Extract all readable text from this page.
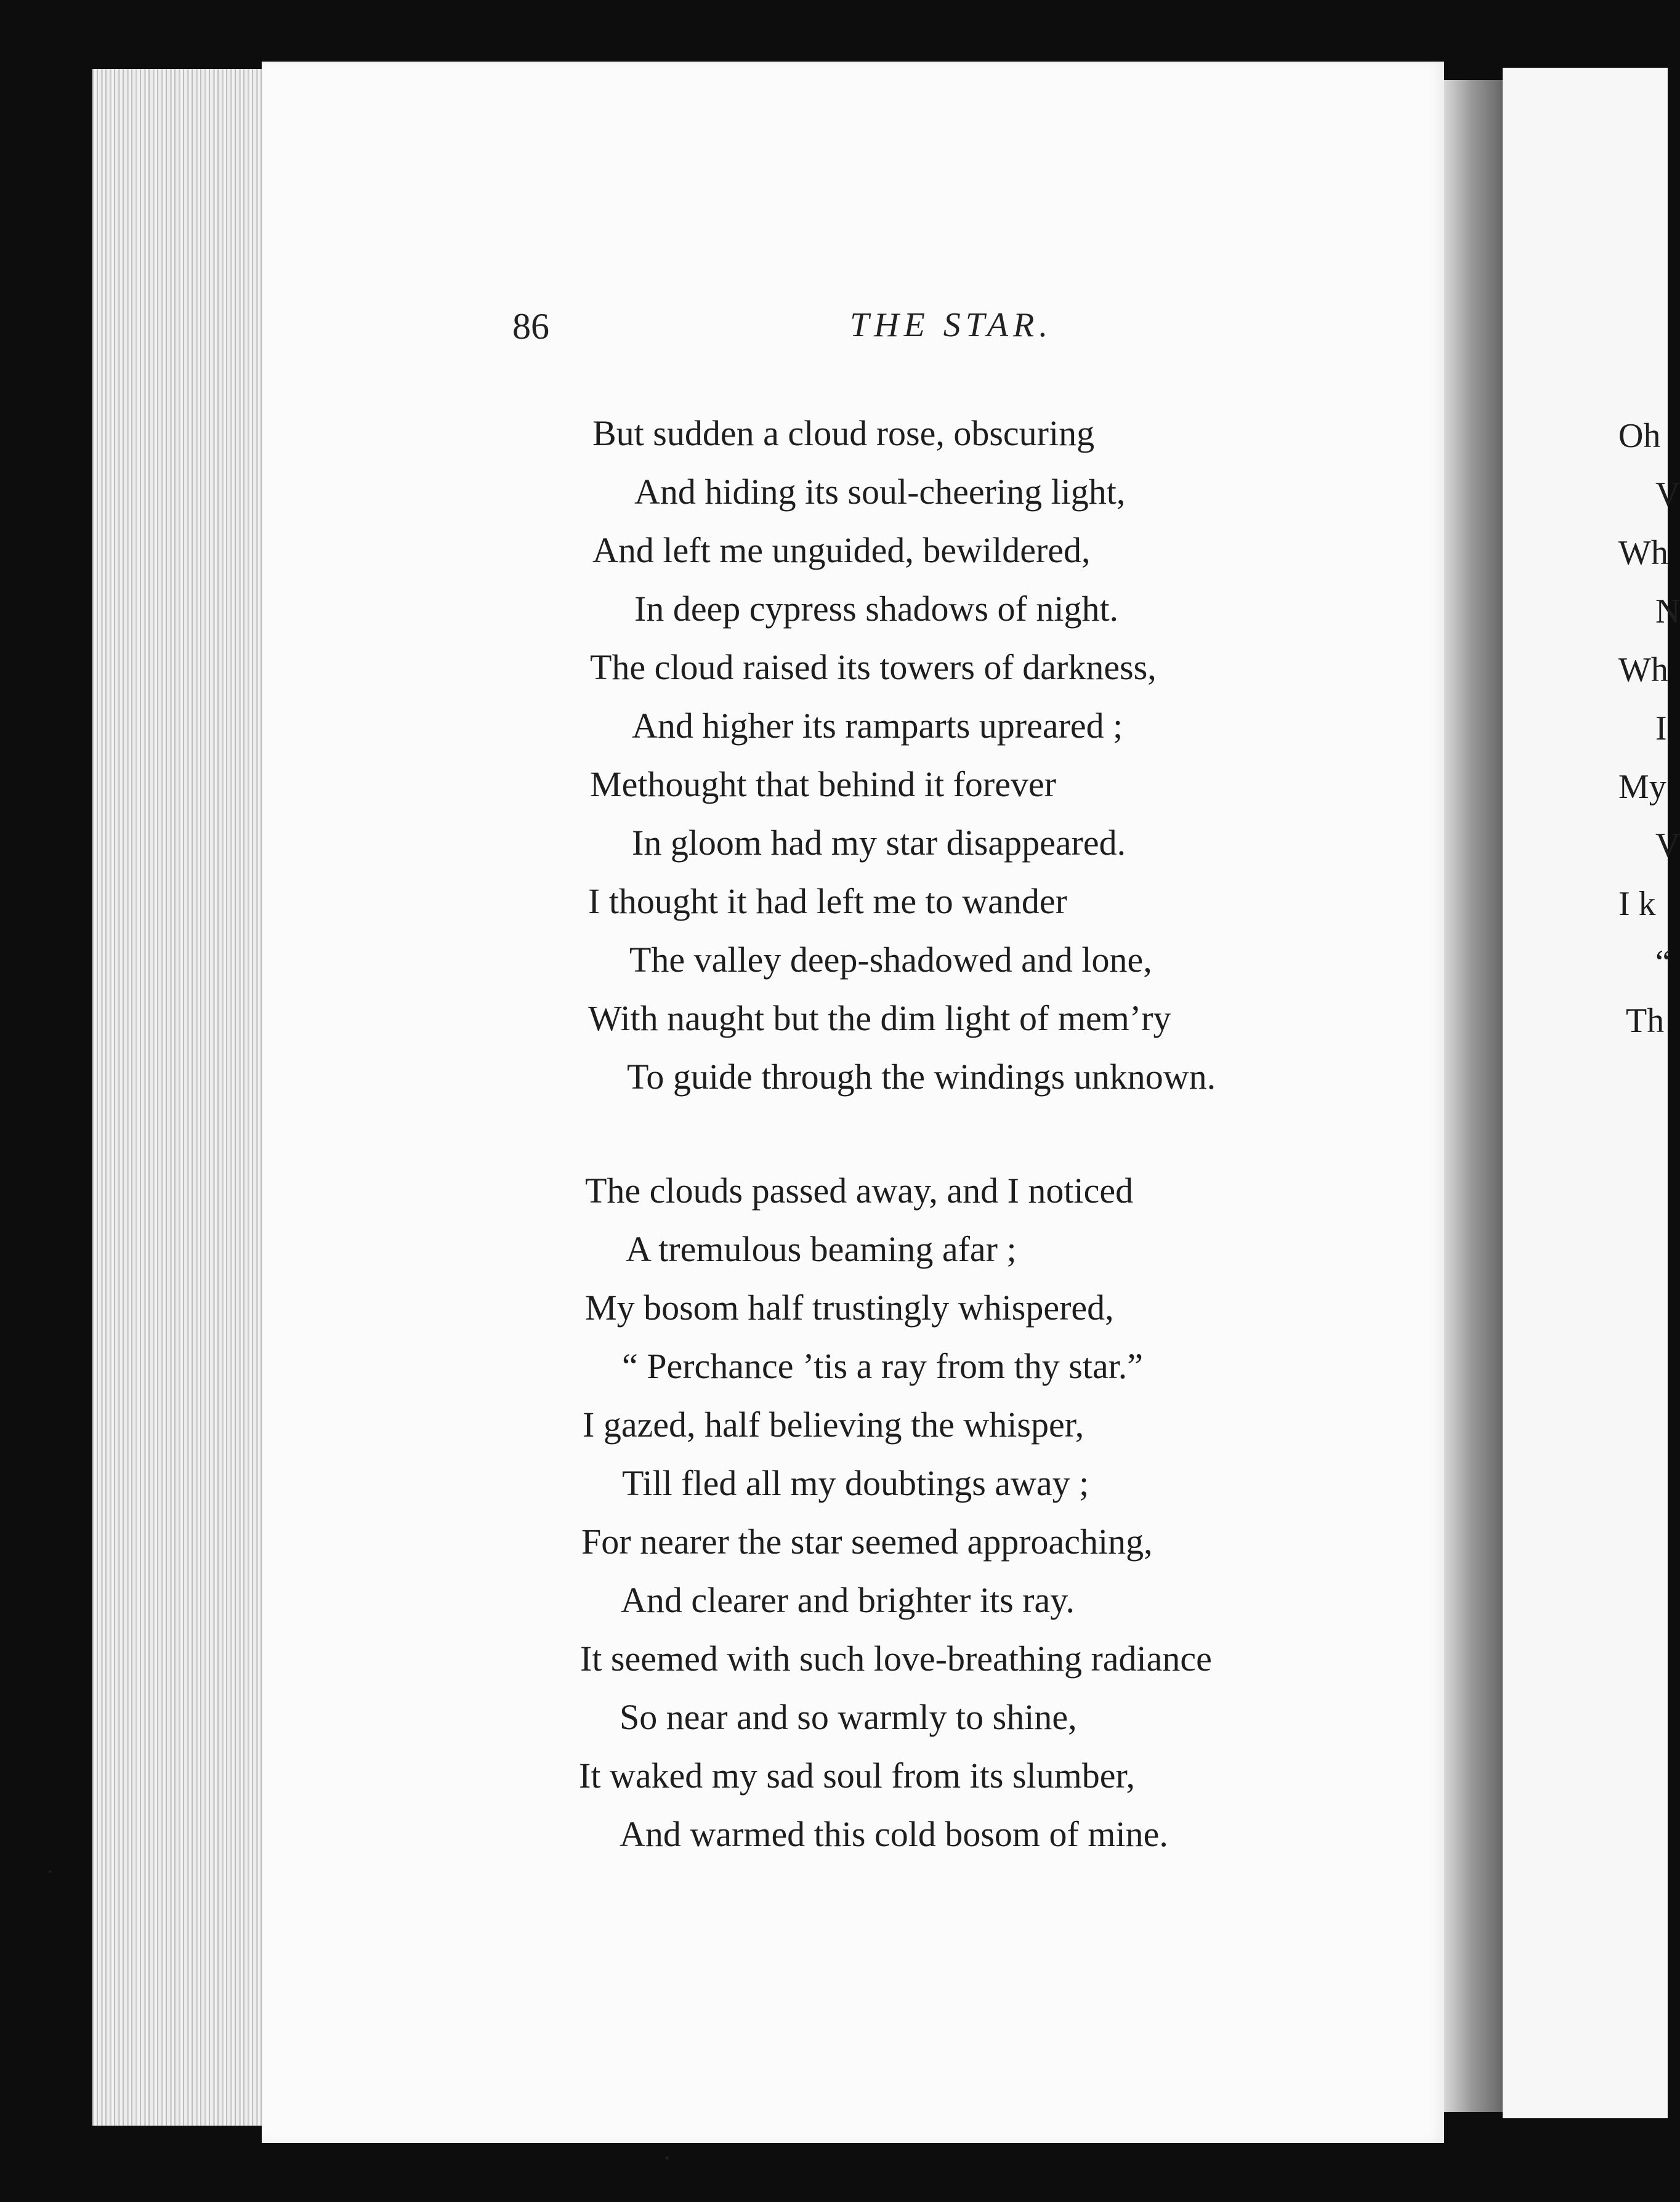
86	THE STAR.
But sudden a cloud rose, obscuring
And hiding its soul-cheering light,
And left me unguided, bewildered,
In deep cypress shadows of night.
The cloud raised its towers of darkness,
And higher its ramparts upreared ;
Methought that behind it forever
In gloom had my star disappeared.
I thought it had left me to wander
The valley deep-shadowed and lone,
With naught but the dim light of mem’ry
To guide through the windings unknown.
The clouds passed away, and I noticed
A tremulous beaming afar ;
My bosom half trustingly whispered,
“ Perchance ’tis a ray from thy star.”
I gazed, half believing the whisper,
Till fled all my doubtings away ;
For nearer the star seemed approaching,
And clearer and brighter its ray.
It seemed with such love-breathing radiance
So near and so warmly to shine,
It waked my sad soul from its slumber,
And warmed this cold bosom of mine.
Oh
V
Wh
N
Wh
I
My
V
I k
“
Th
